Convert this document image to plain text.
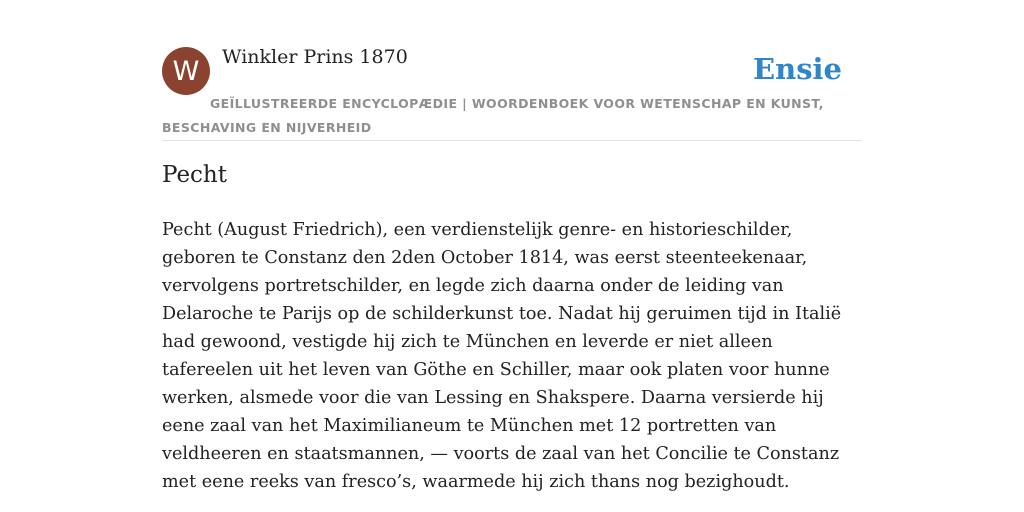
W	Winkler Prins 1870	Ensie
GEÏLLUSTREERDE ENCYCLOPÆDIE | WOORDENBOEK VOOR WETENSCHAP EN KUNST, BESCHAVING EN NIJVERHEID
Pecht

Pecht (August Friedrich), een verdienstelijk genre- en historieschilder, geboren te Constanz den 2den October 1814, was eerst steenteekenaar, vervolgens portretschilder, en legde zich daarna onder de leiding van Delaroche te Parijs op de schilderkunst toe. Nadat hij geruimen tijd in Italië had gewoond, vestigde hij zich te München en leverde er niet alleen tafereelen uit het leven van Göthe en Schiller, maar ook platen voor hunne werken, alsmede voor die van Lessing en Shakspere. Daarna versierde hij eene zaal van het Maximilianeum te München met 12 portretten van veldheeren en staatsmannen, — voorts de zaal van het Concilie te Constanz met eene reeks van fresco’s, waarmede hij zich thans nog bezighoudt.
